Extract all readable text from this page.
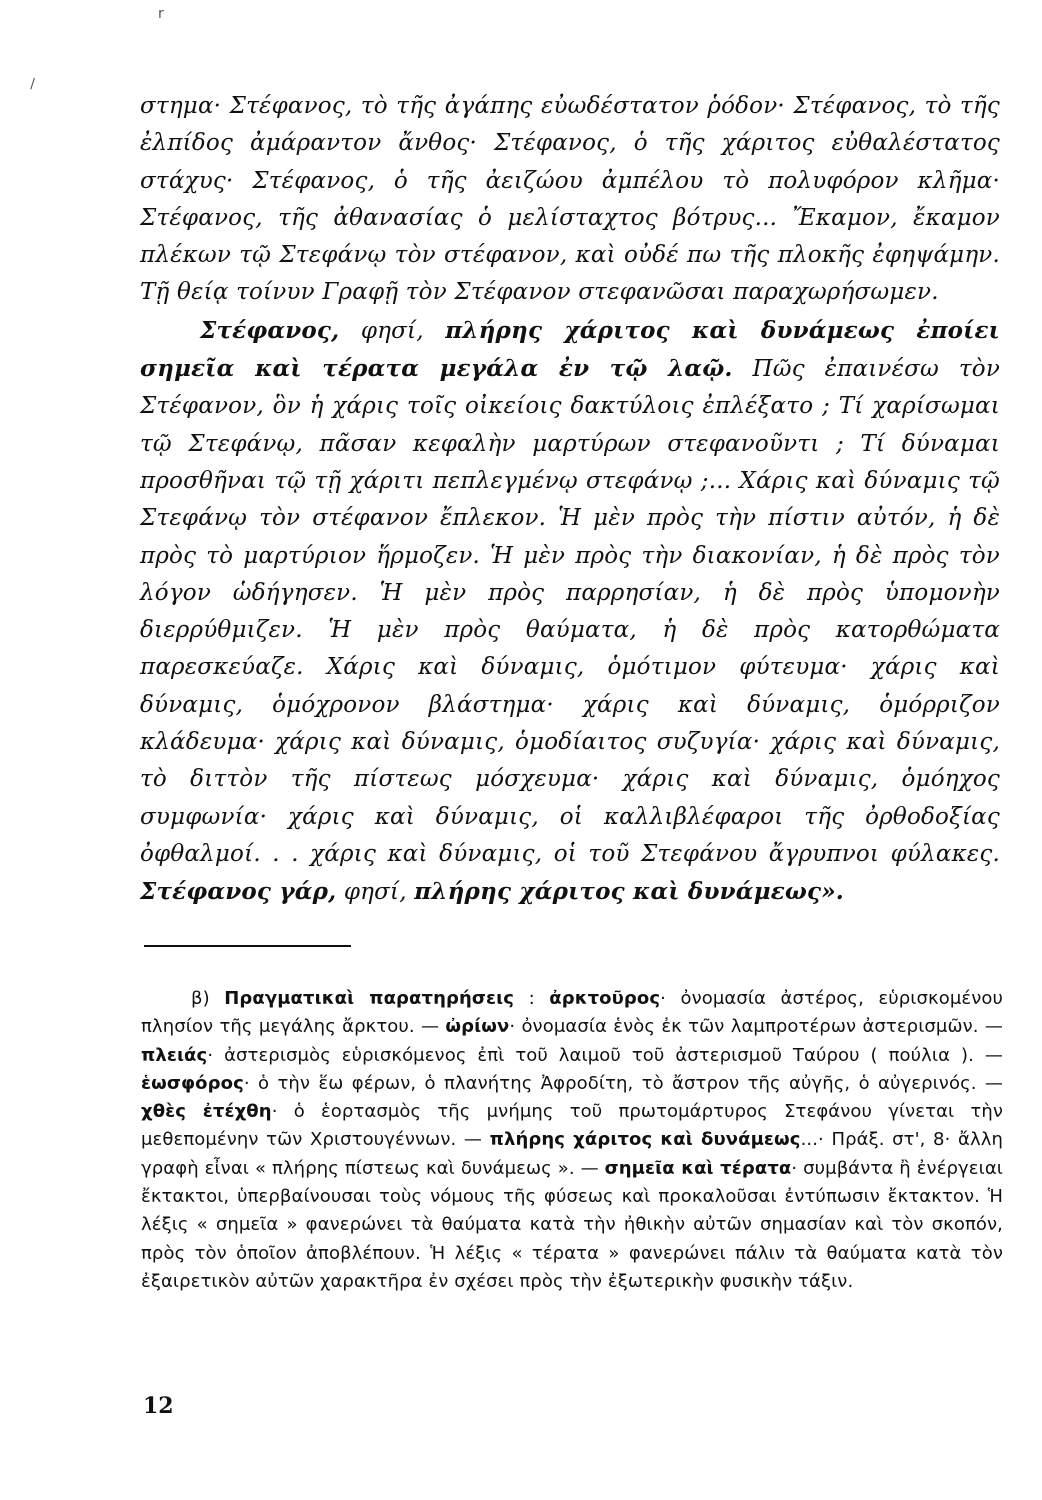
\
r

στημα· Στέφανος, τὸ τῆς ἀγάπης εὐωδέστατον ῥόδον· Στέφανος, τὸ τῆς ἐλπίδος ἀμάραντον ἄνθος· Στέφανος, ὁ τῆς χάριτος εὐθαλέστατος στάχυς· Στέφανος, ὁ τῆς ἀειζώου ἀμπέλου τὸ πολυφόρον κλῆμα· Στέφανος, τῆς ἀθανασίας ὁ μελίσταχτος βότρυς... Ἔκαμον, ἔκαμον πλέκων τῷ Στεφάνῳ τὸν στέφανον, καὶ οὐδέ πω τῆς πλοκῆς ἐφηψάμην. Τῇ θείᾳ τοίνυν Γραφῇ τὸν Στέφανον στεφανῶσαι παραχωρήσωμεν.

Στέφανος, φησί, πλήρης χάριτος καὶ δυνάμεως ἐποίει σημεῖα καὶ τέρατα μεγάλα ἐν τῷ λαῷ. Πῶς ἐπαινέσω τὸν Στέφανον, ὃν ἡ χάρις τοῖς οἰκείοις δακτύλοις ἐπλέξατο ; Τί χαρίσωμαι τῷ Στεφάνῳ, πᾶσαν κεφαλὴν μαρτύρων στεφανοῦντι ; Τί δύναμαι προσθῆναι τῷ τῇ χάριτι πεπλεγμένῳ στεφάνῳ ;... Χάρις καὶ δύναμις τῷ Στεφάνῳ τὸν στέφανον ἔπλεκον. Ἡ μὲν πρὸς τὴν πίστιν αὐτόν, ἡ δὲ πρὸς τὸ μαρτύριον ἥρμοζεν. Ἡ μὲν πρὸς τὴν διακονίαν, ἡ δὲ πρὸς τὸν λόγον ὡδήγησεν. Ἡ μὲν πρὸς παρρησίαν, ἡ δὲ πρὸς ὑπομονὴν διερρύθμιζεν. Ἡ μὲν πρὸς θαύματα, ἡ δὲ πρὸς κατορθώματα παρεσκεύαζε. Χάρις καὶ δύναμις, ὁμότιμον φύτευμα· χάρις καὶ δύναμις, ὁμόχρονον βλάστημα· χάρις καὶ δύναμις, ὁμόρριζον κλάδευμα· χάρις καὶ δύναμις, ὁμοδίαιτος συζυγία· χάρις καὶ δύναμις, τὸ διττὸν τῆς πίστεως μόσχευμα· χάρις καὶ δύναμις, ὁμόηχος συμφωνία· χάρις καὶ δύναμις, οἱ καλλιβλέφαροι τῆς ὀρθοδοξίας ὀφθαλμοί. . . χάρις καὶ δύναμις, οἱ τοῦ Στεφάνου ἄγρυπνοι φύλακες. Στέφανος γάρ, φησί, πλήρης χάριτος καὶ δυνάμεως».

β) Πραγματικαὶ παρατηρήσεις : ἀρκτοῦρος· ὀνομασία ἀστέρος, εὑρισκομένου πλησίον τῆς μεγάλης ἄρκτου. — ὠρίων· ὀνομασία ἑνὸς ἐκ τῶν λαμπροτέρων ἀστερισμῶν. — πλειάς· ἀστερισμὸς εὑρισκόμενος ἐπὶ τοῦ λαιμοῦ τοῦ ἀστερισμοῦ Ταύρου ( πούλια ). — ἑωσφόρος· ὁ τὴν ἕω φέρων, ὁ πλανήτης Ἀφροδίτη, τὸ ἄστρον τῆς αὐγῆς, ὁ αὐγερινός. — χθὲς ἐτέχθη· ὁ ἑορτασμὸς τῆς μνήμης τοῦ πρωτομάρτυρος Στεφάνου γίνεται τὴν μεθεπομένην τῶν Χριστουγέννων. — πλήρης χάριτος καὶ δυνάμεως...· Πράξ. στ', 8· ἄλλη γραφὴ εἶναι « πλήρης πίστεως καὶ δυνάμεως ». — σημεῖα καὶ τέρατα· συμβάντα ἢ ἐνέργειαι ἔκτακτοι, ὑπερβαίνουσαι τοὺς νόμους τῆς φύσεως καὶ προκαλοῦσαι ἐντύπωσιν ἔκτακτον. Ἡ λέξις « σημεῖα » φανερώνει τὰ θαύματα κατὰ τὴν ἠθικὴν αὐτῶν σημασίαν καὶ τὸν σκοπόν, πρὸς τὸν ὁποῖον ἀποβλέπουν. Ἡ λέξις « τέρατα » φανερώνει πάλιν τὰ θαύματα κατὰ τὸν ἐξαιρετικὸν αὐτῶν χαρακτῆρα ἐν σχέσει πρὸς τὴν ἐξωτερικὴν φυσικὴν τάξιν.

12
